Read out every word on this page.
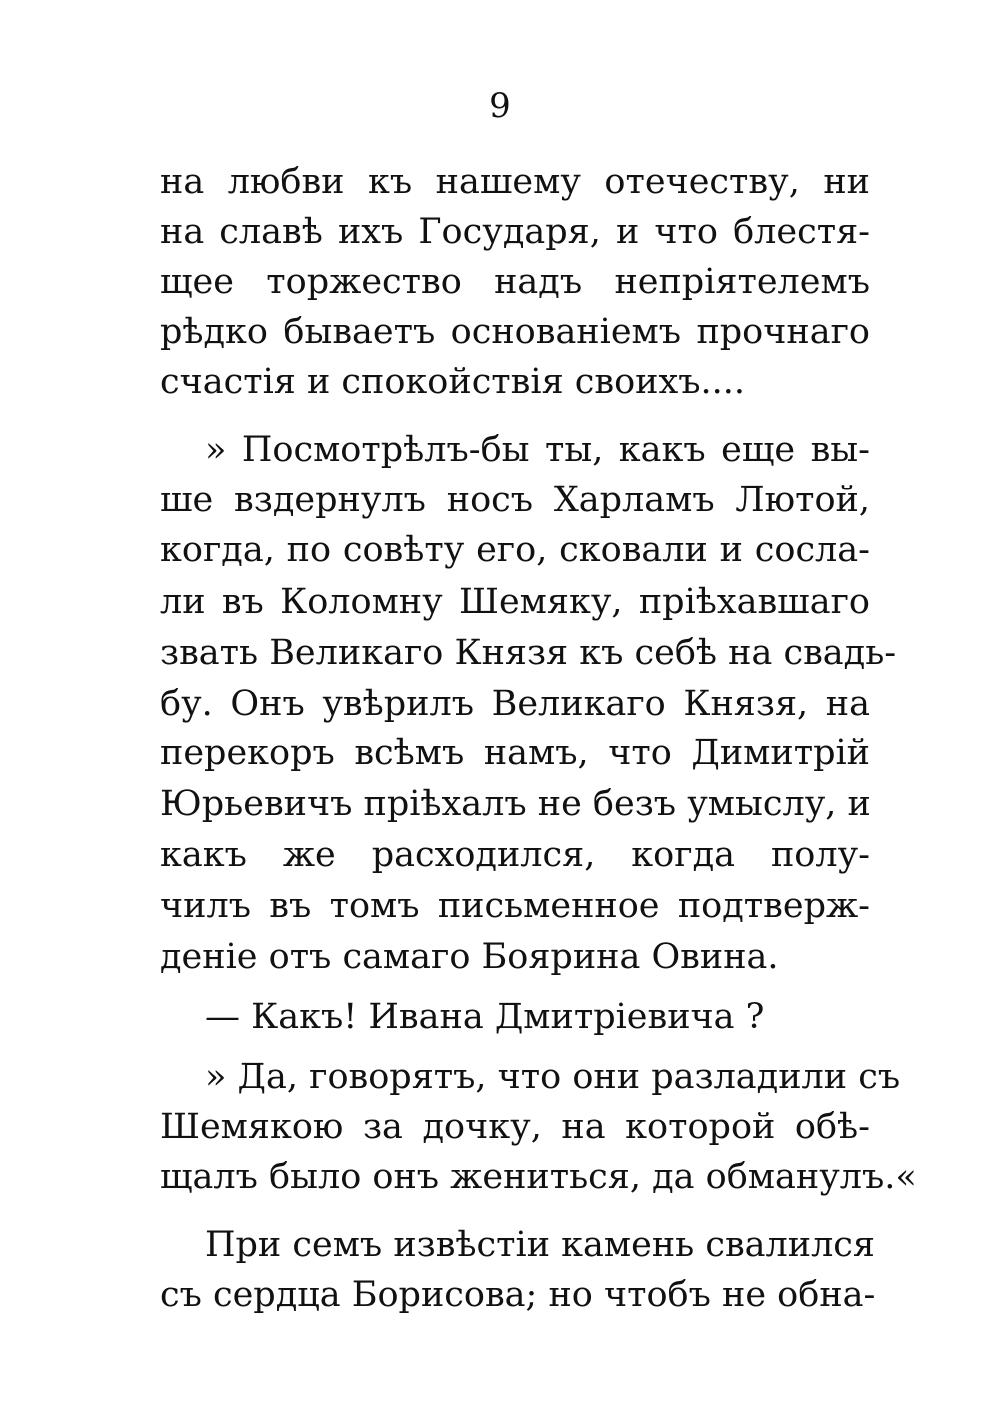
9
на любви къ нашему отечеству, ни
на славѣ ихъ Государя, и что блестя-
щее торжество надъ непріятелемъ
рѣдко бываетъ основаніемъ прочнаго
счастія и спокойствія своихъ....
» Посмотрѣлъ-бы ты, какъ еще вы-
ше вздернулъ носъ Харламъ Лютой,
когда, по совѣту его, сковали и сосла-
ли въ Коломну Шемяку, пріѣхавшаго
звать Великаго Князя къ себѣ на свадь-
бу. Онъ увѣрилъ Великаго Князя, на
перекоръ всѣмъ намъ, что Димитрій
Юрьевичъ пріѣхалъ не безъ умыслу, и
какъ же расходился, когда полу-
чилъ въ томъ письменное подтверж-
деніе отъ самаго Боярина Овина.
— Какъ! Ивана Дмитріевича ?
» Да, говорятъ, что они разладили съ
Шемякою за дочку, на которой обѣ-
щалъ было онъ жениться, да обманулъ.«
При семъ извѣстіи камень свалился
съ сердца Борисова; но чтобъ не обна-
